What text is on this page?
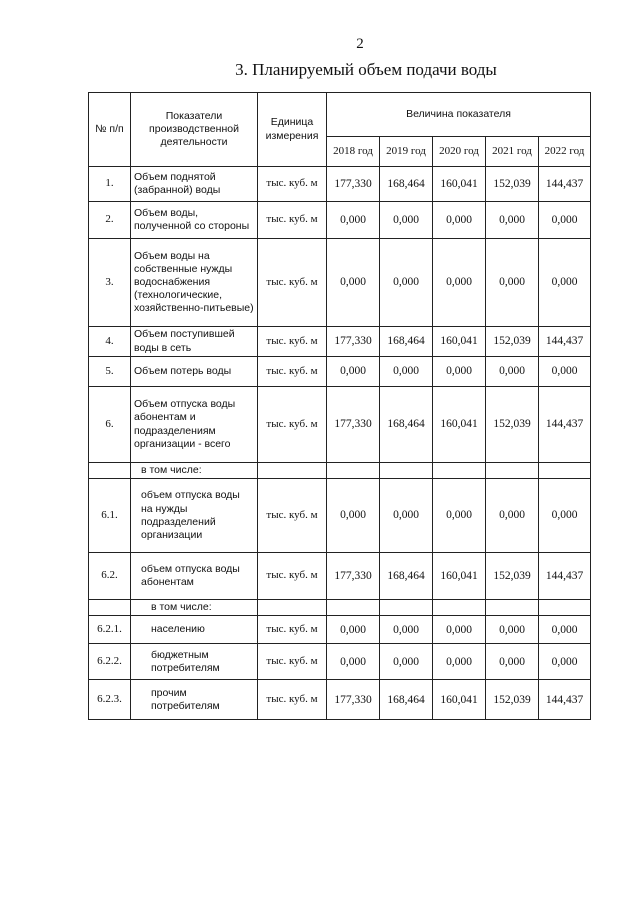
2
3. Планируемый объем подачи воды
№ п/п	Показатели производственной деятельности	Единица измерения	Величина показателя				
			2018 год	2019 год	2020 год	2021 год	2022 год
1.	Объем поднятой (забранной) воды	тыс. куб. м	177,330	168,464	160,041	152,039	144,437
2.	Объем воды, полученной со стороны	тыс. куб. м	0,000	0,000	0,000	0,000	0,000
3.	Объем воды на собственные нужды водоснабжения (технологические, хозяйственно-питьевые)	тыс. куб. м	0,000	0,000	0,000	0,000	0,000
4.	Объем поступившей воды в сеть	тыс. куб. м	177,330	168,464	160,041	152,039	144,437
5.	Объем потерь воды	тыс. куб. м	0,000	0,000	0,000	0,000	0,000
6.	Объем отпуска воды абонентам и подразделениям организации - всего	тыс. куб. м	177,330	168,464	160,041	152,039	144,437
	в том числе:						
6.1.	объем отпуска воды на нужды подразделений организации	тыс. куб. м	0,000	0,000	0,000	0,000	0,000
6.2.	объем отпуска воды абонентам	тыс. куб. м	177,330	168,464	160,041	152,039	144,437
	в том числе:						
6.2.1.	населению	тыс. куб. м	0,000	0,000	0,000	0,000	0,000
6.2.2.	бюджетным потребителям	тыс. куб. м	0,000	0,000	0,000	0,000	0,000
6.2.3.	прочим потребителям	тыс. куб. м	177,330	168,464	160,041	152,039	144,437
